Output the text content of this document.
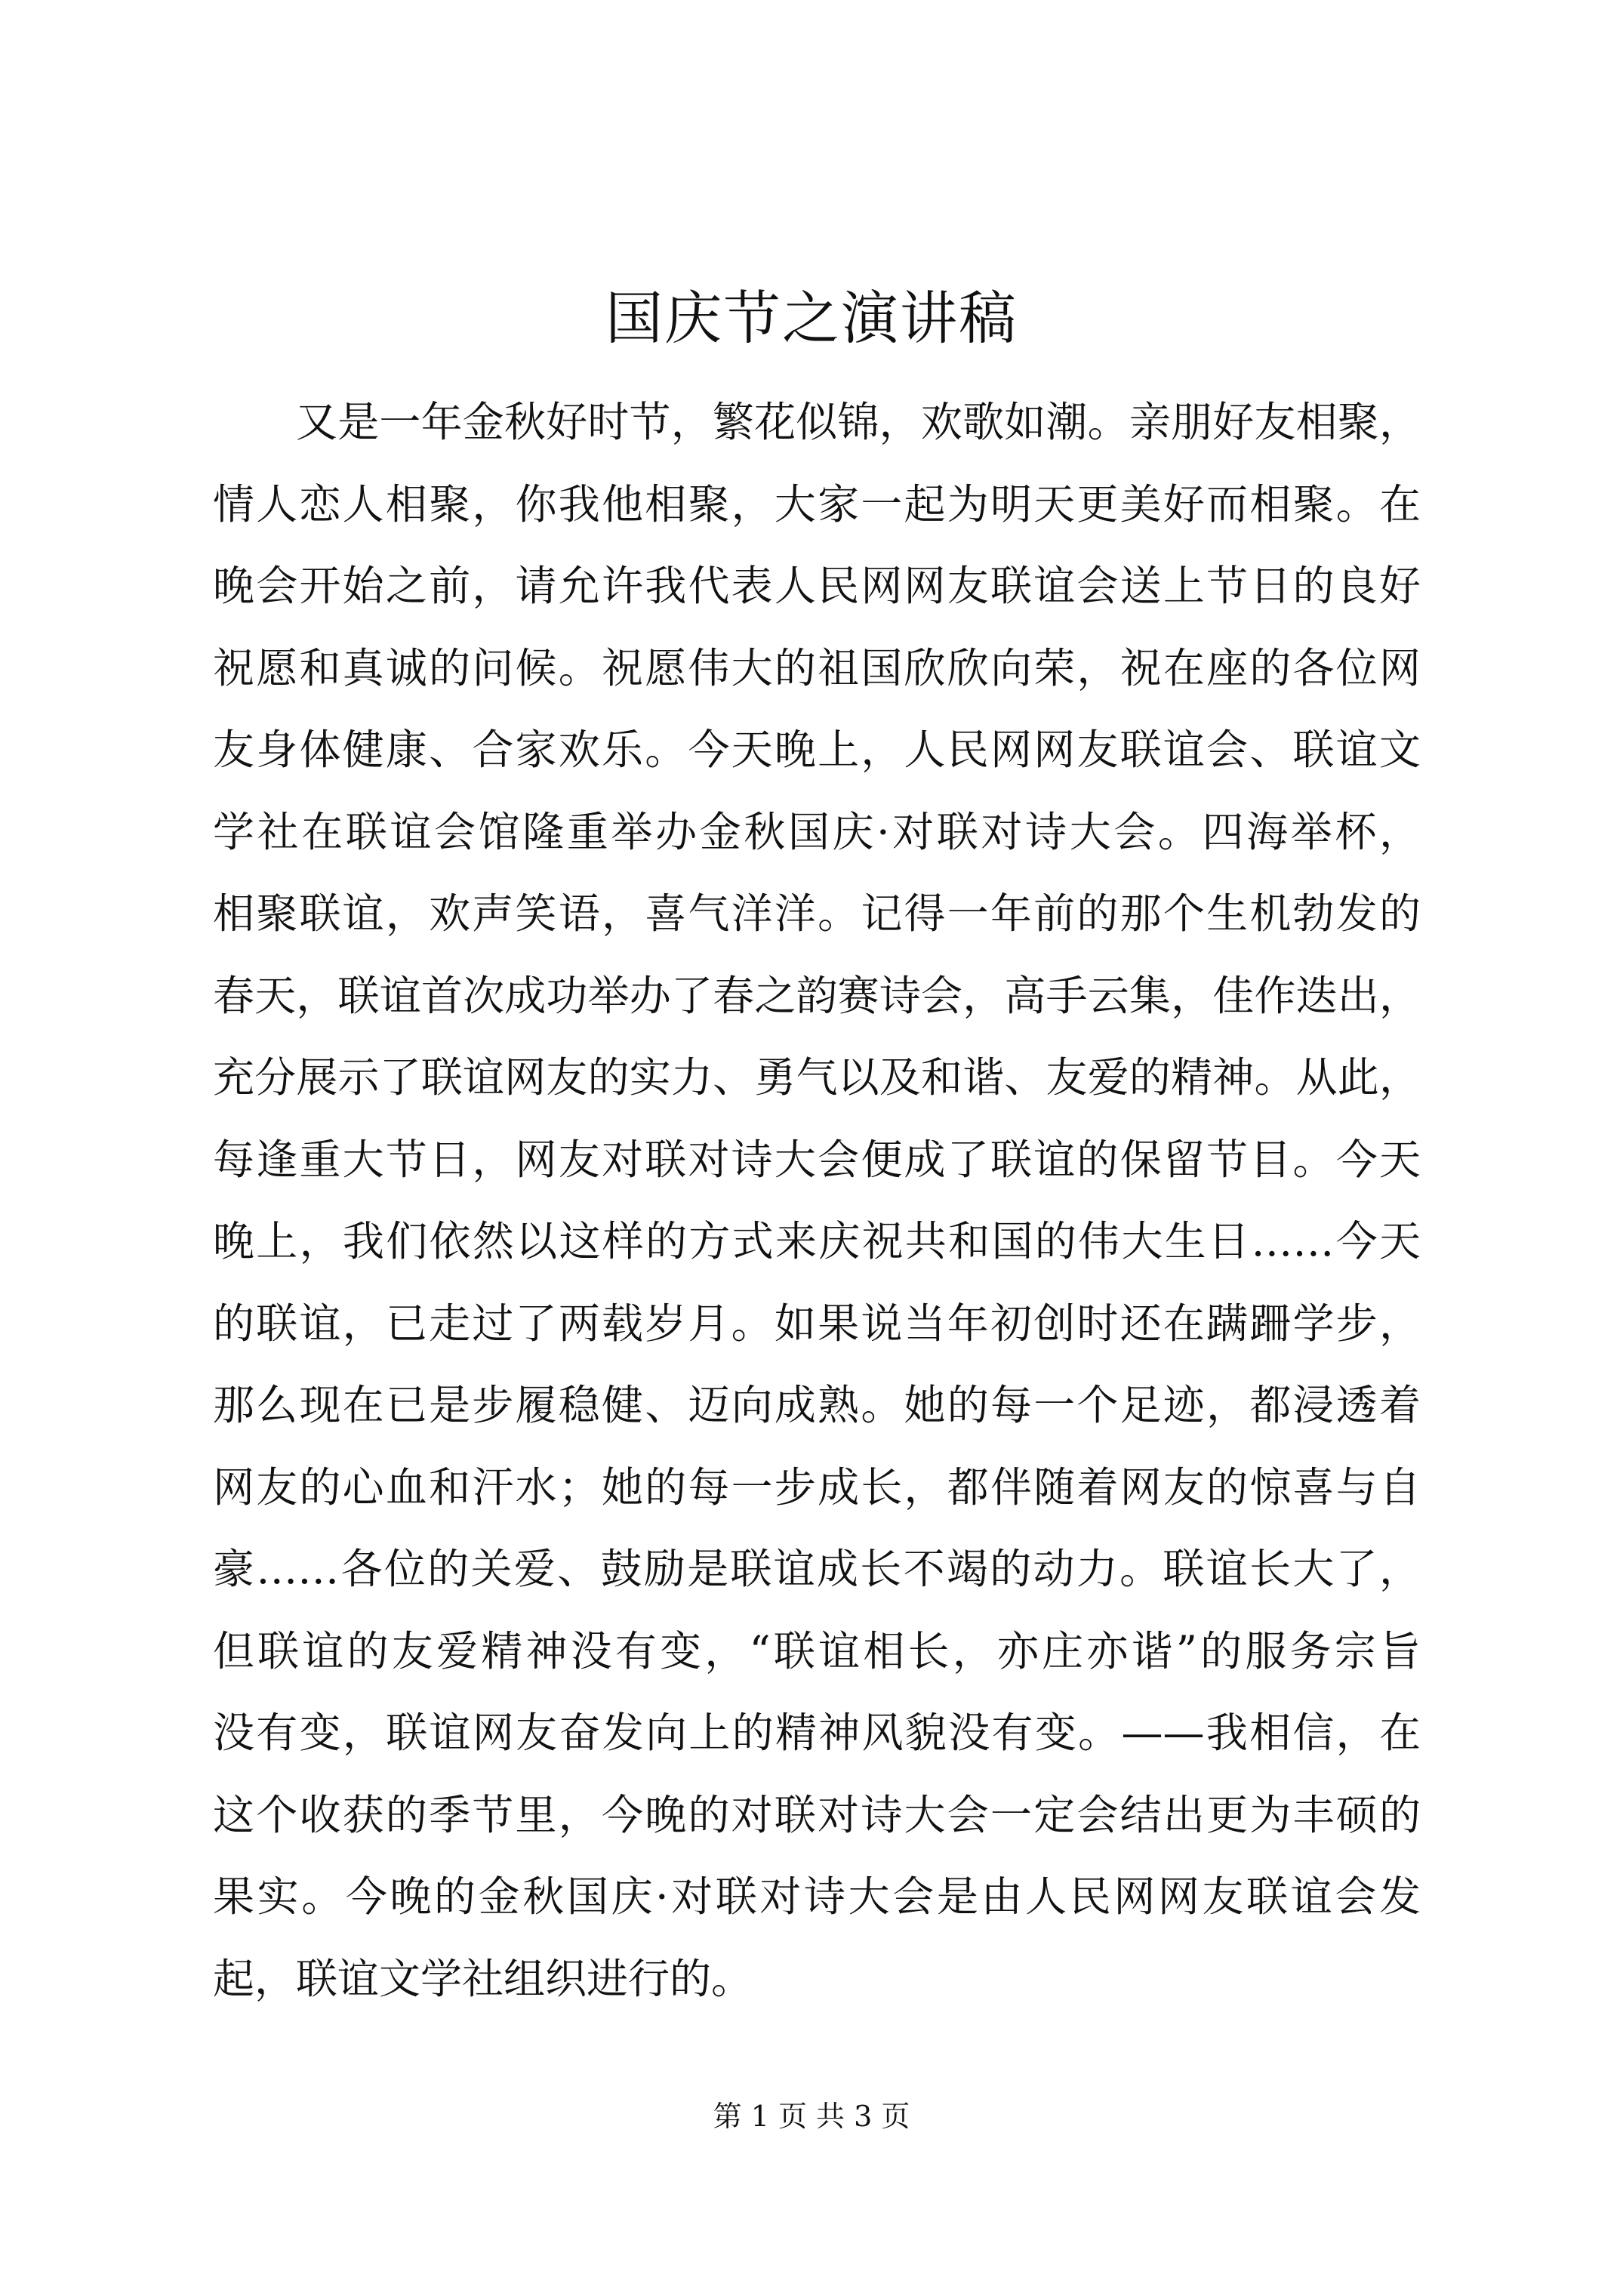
国庆节之演讲稿
又是一年金秋好时节，繁花似锦，欢歌如潮。亲朋好友相聚，
情人恋人相聚，你我他相聚，大家一起为明天更美好而相聚。在
晚会开始之前，请允许我代表人民网网友联谊会送上节日的良好
祝愿和真诚的问候。祝愿伟大的祖国欣欣向荣，祝在座的各位网
友身体健康、合家欢乐。今天晚上，人民网网友联谊会、联谊文
学社在联谊会馆隆重举办金秋国庆·对联对诗大会。四海举杯，
相聚联谊，欢声笑语，喜气洋洋。记得一年前的那个生机勃发的
春天，联谊首次成功举办了春之韵赛诗会，高手云集，佳作迭出，
充分展示了联谊网友的实力、勇气以及和谐、友爱的精神。从此，
每逢重大节日，网友对联对诗大会便成了联谊的保留节目。今天
晚上，我们依然以这样的方式来庆祝共和国的伟大生日……今天
的联谊，已走过了两载岁月。如果说当年初创时还在蹒跚学步，
那么现在已是步履稳健、迈向成熟。她的每一个足迹，都浸透着
网友的心血和汗水；她的每一步成长，都伴随着网友的惊喜与自
豪……各位的关爱、鼓励是联谊成长不竭的动力。联谊长大了，
但联谊的友爱精神没有变，“联谊相长，亦庄亦谐”的服务宗旨
没有变，联谊网友奋发向上的精神风貌没有变。——我相信，在
这个收获的季节里，今晚的对联对诗大会一定会结出更为丰硕的
果实。今晚的金秋国庆·对联对诗大会是由人民网网友联谊会发
起，联谊文学社组织进行的。
第 1 页 共 3 页
